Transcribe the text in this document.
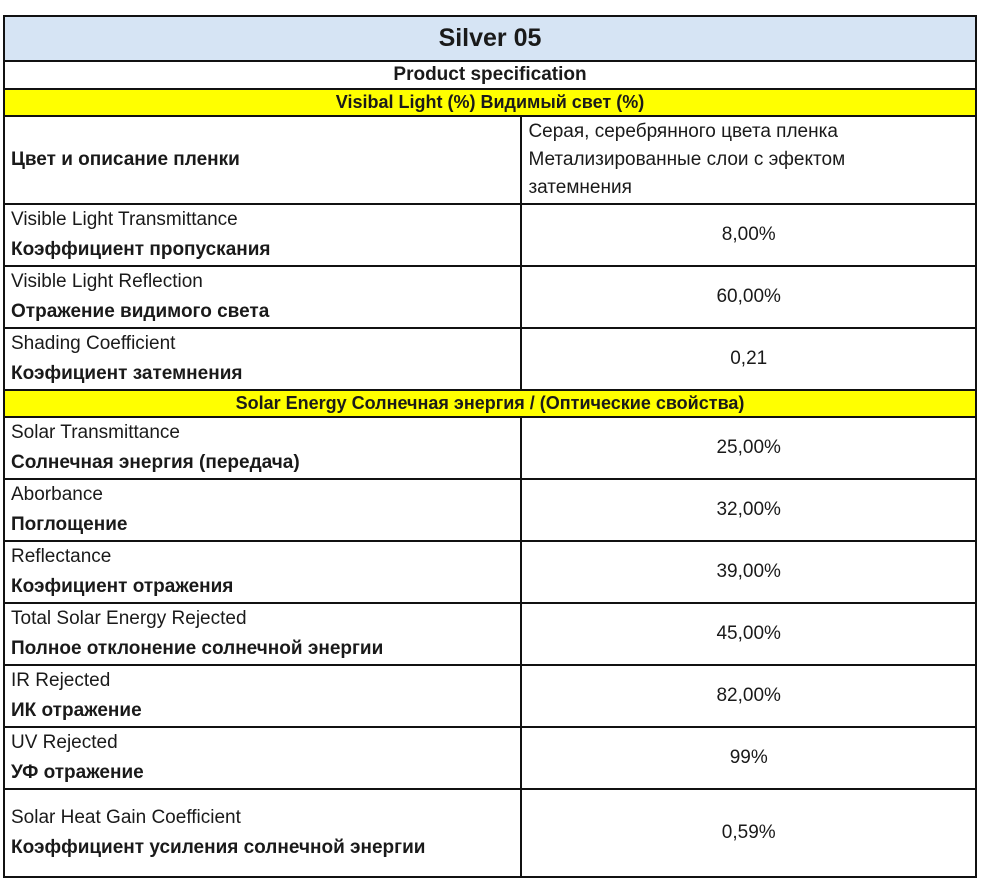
Silver 05	
Product specification	
Visibal Light (%) Видимый свет (%)	
Цвет и описание пленки	Серая, серебрянного цвета пленка
Метализированные слои с эфектом
затемнения

Visible Light Transmittance
Коэффициент пропускания	8,00%

Visible Light Reflection
Отражение видимого света	60,00%

Shading Coefficient
Коэфициент затемнения	0,21
Solar Energy Солнечная энергия / (Оптические свойства)	

Solar Transmittance
Солнечная энергия (передача)	25,00%

Aborbance
Поглощение	32,00%

Reflectance
Коэфициент отражения	39,00%

Total Solar Energy Rejected
Полное отклонение солнечной энергии	45,00%

IR Rejected
ИК отражение	82,00%

UV Rejected
УФ отражение	99%

Solar Heat Gain Coefficient
Коэффициент усиления солнечной энергии	0,59%
